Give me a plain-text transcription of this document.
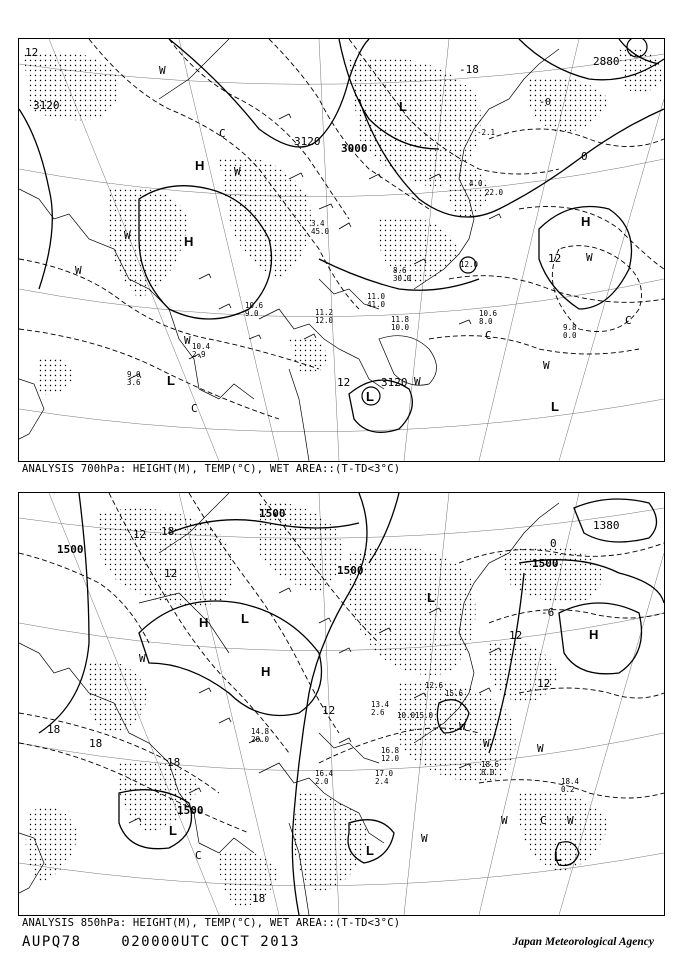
12
3120
3000
3120
2880
-18
-0
0
12
12	3120
H
H
H
L
L
L
L
C
C
C
C
W
W
W
W
W
W
W
W
11.0
41.0
11.8
10.0
10.6
8.0
9.8
0.0
10.4
2.9
9.0
3.6
10.6
9.0	11.2
12.0
3.4
45.0
8.6
30.0
12.0
-2.1
4.0
22.0
ANALYSIS 700hPa: HEIGHT(M), TEMP(°C), WET AREA::(T-TD<3°C)
1500
1500
1500
1500
1380
1500
12 18
12
18
18
18
12
12
12
-6
0
18
H
H
H
L
L
L
L	L
C
C
W
W
W	W
W
W
W
16.4
2.0
16.8
12.0
17.0
2.4
18.6
8.0
18.4
0.2
12.6
15.6
10.0 15.0
14.8
20.0
13.4
2.6
ANALYSIS 850hPa: HEIGHT(M), TEMP(°C), WET AREA::(T-TD<3°C)
AUPQ78    020000UTC OCT 2013	Japan Meteorological Agency
